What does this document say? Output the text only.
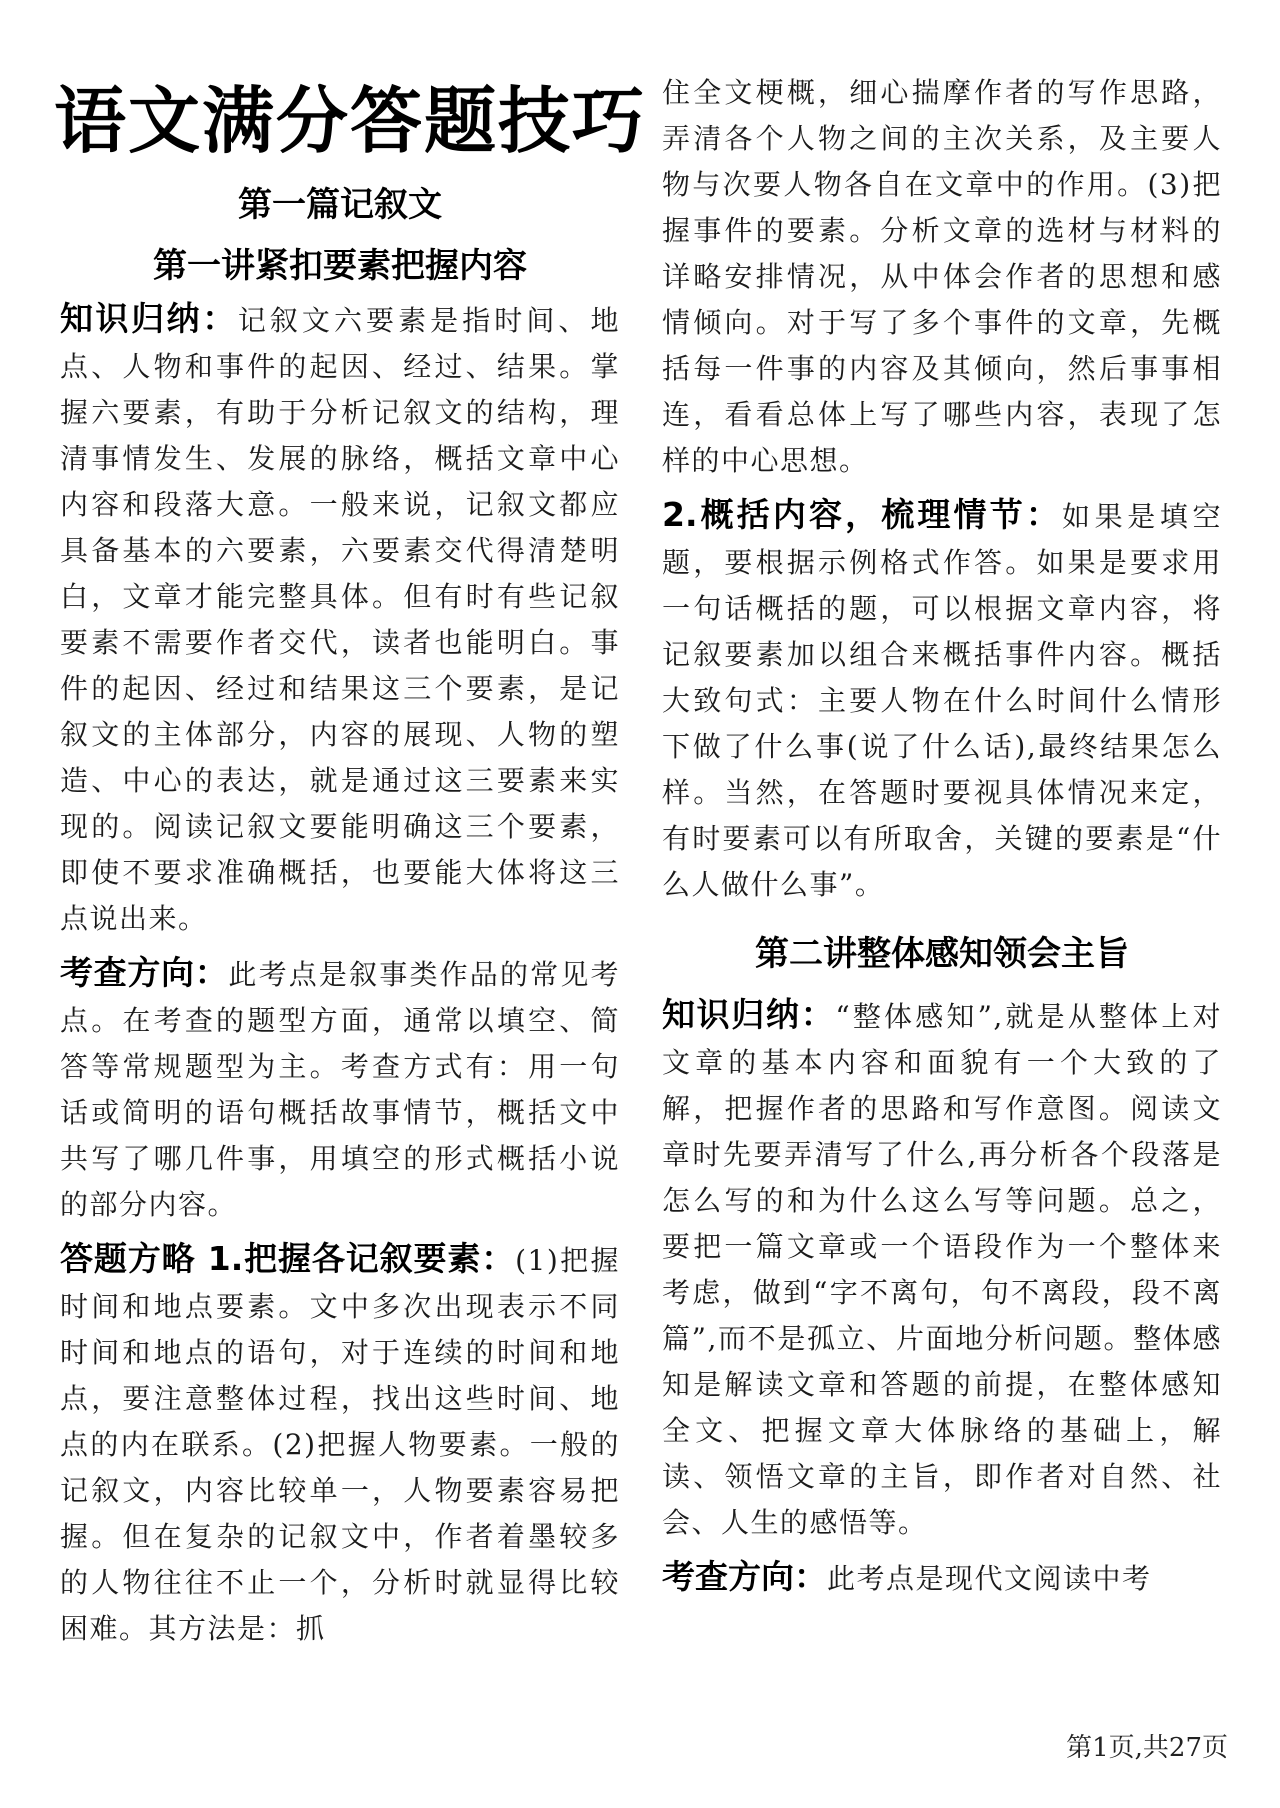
语文满分答题技巧
第一篇记叙文
第一讲紧扣要素把握内容

知识归纳：记叙文六要素是指时间、地点、人物和事件的起因、经过、结果。掌握六要素，有助于分析记叙文的结构，理清事情发生、发展的脉络，概括文章中心内容和段落大意。一般来说，记叙文都应具备基本的六要素，六要素交代得清楚明白，文章才能完整具体。但有时有些记叙要素不需要作者交代，读者也能明白。事件的起因、经过和结果这三个要素，是记叙文的主体部分，内容的展现、人物的塑造、中心的表达，就是通过这三要素来实现的。阅读记叙文要能明确这三个要素，即使不要求准确概括，也要能大体将这三点说出来。

考查方向：此考点是叙事类作品的常见考点。在考查的题型方面，通常以填空、简答等常规题型为主。考查方式有：用一句话或简明的语句概括故事情节，概括文中共写了哪几件事，用填空的形式概括小说的部分内容。

答题方略 1.把握各记叙要素：(1)把握时间和地点要素。文中多次出现表示不同时间和地点的语句，对于连续的时间和地点，要注意整体过程，找出这些时间、地点的内在联系。(2)把握人物要素。一般的记叙文，内容比较单一，人物要素容易把握。但在复杂的记叙文中，作者着墨较多的人物往往不止一个，分析时就显得比较困难。其方法是：抓

住全文梗概，细心揣摩作者的写作思路，弄清各个人物之间的主次关系，及主要人物与次要人物各自在文章中的作用。(3)把握事件的要素。分析文章的选材与材料的详略安排情况，从中体会作者的思想和感情倾向。对于写了多个事件的文章，先概括每一件事的内容及其倾向，然后事事相连，看看总体上写了哪些内容，表现了怎样的中心思想。

2.概括内容，梳理情节：如果是填空题，要根据示例格式作答。如果是要求用一句话概括的题，可以根据文章内容，将记叙要素加以组合来概括事件内容。概括大致句式：主要人物在什么时间什么情形下做了什么事(说了什么话),最终结果怎么样。当然，在答题时要视具体情况来定，有时要素可以有所取舍，关键的要素是“什么人做什么事”。

第二讲整体感知领会主旨

知识归纳：“整体感知”,就是从整体上对文章的基本内容和面貌有一个大致的了解，把握作者的思路和写作意图。阅读文章时先要弄清写了什么,再分析各个段落是怎么写的和为什么这么写等问题。总之，要把一篇文章或一个语段作为一个整体来考虑，做到“字不离句，句不离段，段不离篇”,而不是孤立、片面地分析问题。整体感知是解读文章和答题的前提，在整体感知全文、把握文章大体脉络的基础上，解读、领悟文章的主旨，即作者对自然、社会、人生的感悟等。

考查方向：此考点是现代文阅读中考

第1页,共27页
